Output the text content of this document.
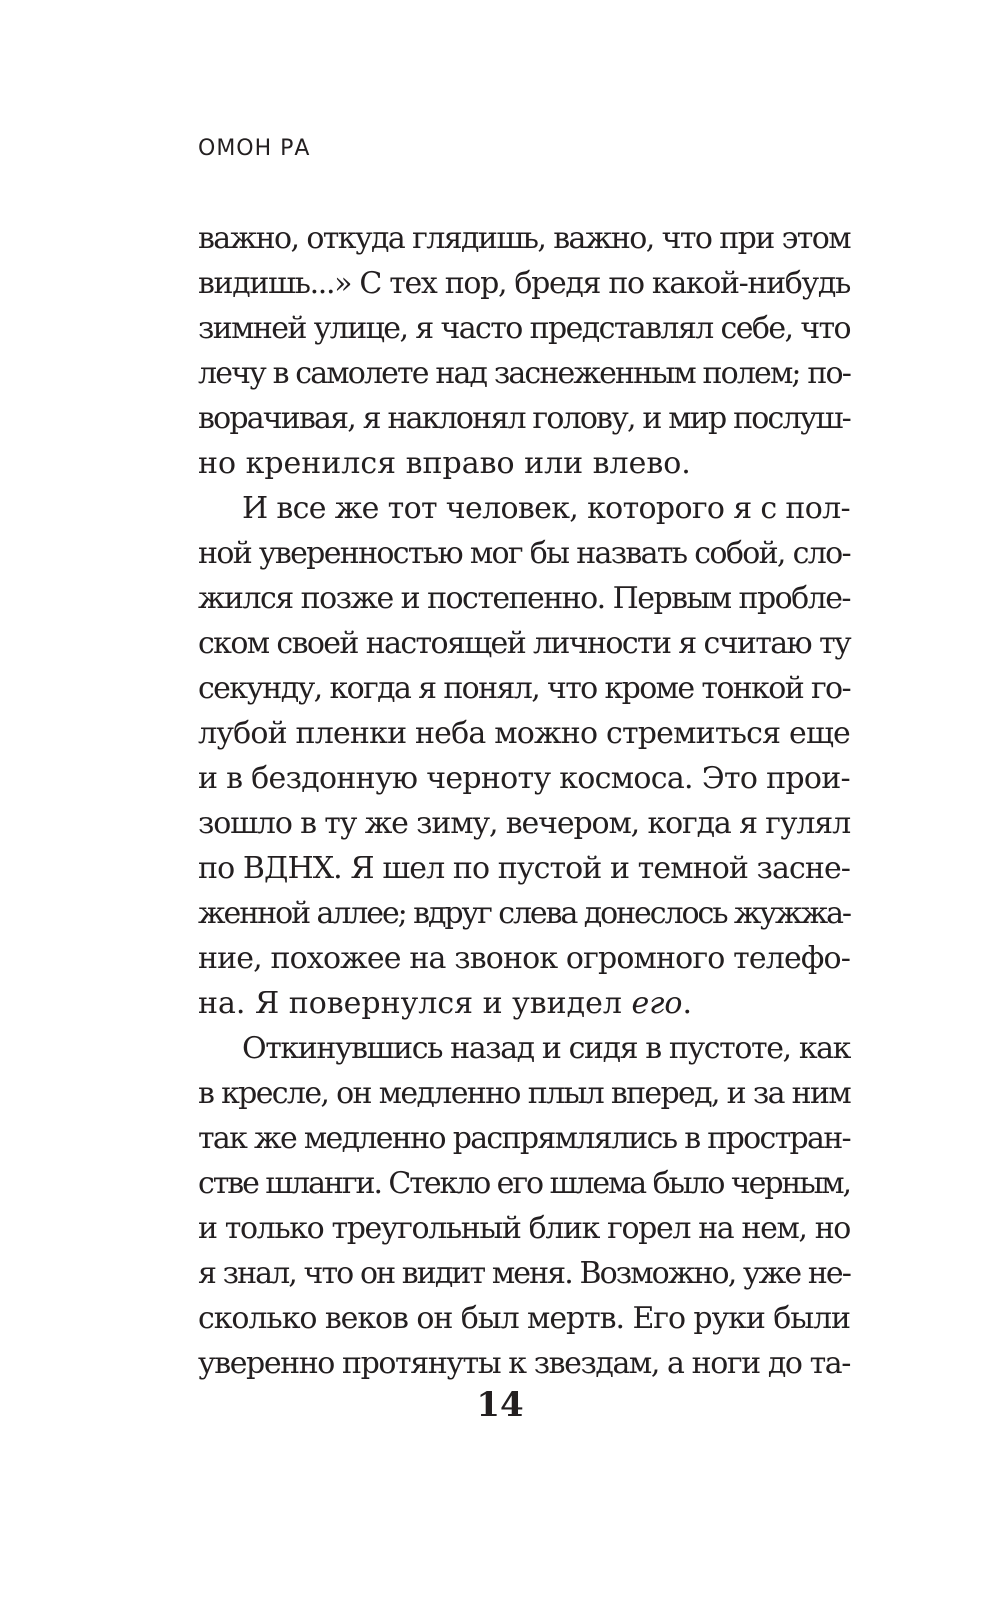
ОМОН РА

важно, откуда глядишь, важно, что при этом
видишь...» С тех пор, бредя по какой-нибудь
зимней улице, я часто представлял себе, что
лечу в самолете над заснеженным полем; по-
ворачивая, я наклонял голову, и мир послуш-
но кренился вправо или влево.
И все же тот человек, которого я с пол-
ной уверенностью мог бы назвать собой, сло-
жился позже и постепенно. Первым пробле-
ском своей настоящей личности я считаю ту
секунду, когда я понял, что кроме тонкой го-
лубой пленки неба можно стремиться еще
и в бездонную черноту космоса. Это прои-
зошло в ту же зиму, вечером, когда я гулял
по ВДНХ. Я шел по пустой и темной засне-
женной аллее; вдруг слева донеслось жужжа-
ние, похожее на звонок огромного телефо-
на. Я повернулся и увидел его.
Откинувшись назад и сидя в пустоте, как
в кресле, он медленно плыл вперед, и за ним
так же медленно распрямлялись в простран-
стве шланги. Стекло его шлема было черным,
и только треугольный блик горел на нем, но
я знал, что он видит меня. Возможно, уже не-
сколько веков он был мертв. Его руки были
уверенно протянуты к звездам, а ноги до та-

14
